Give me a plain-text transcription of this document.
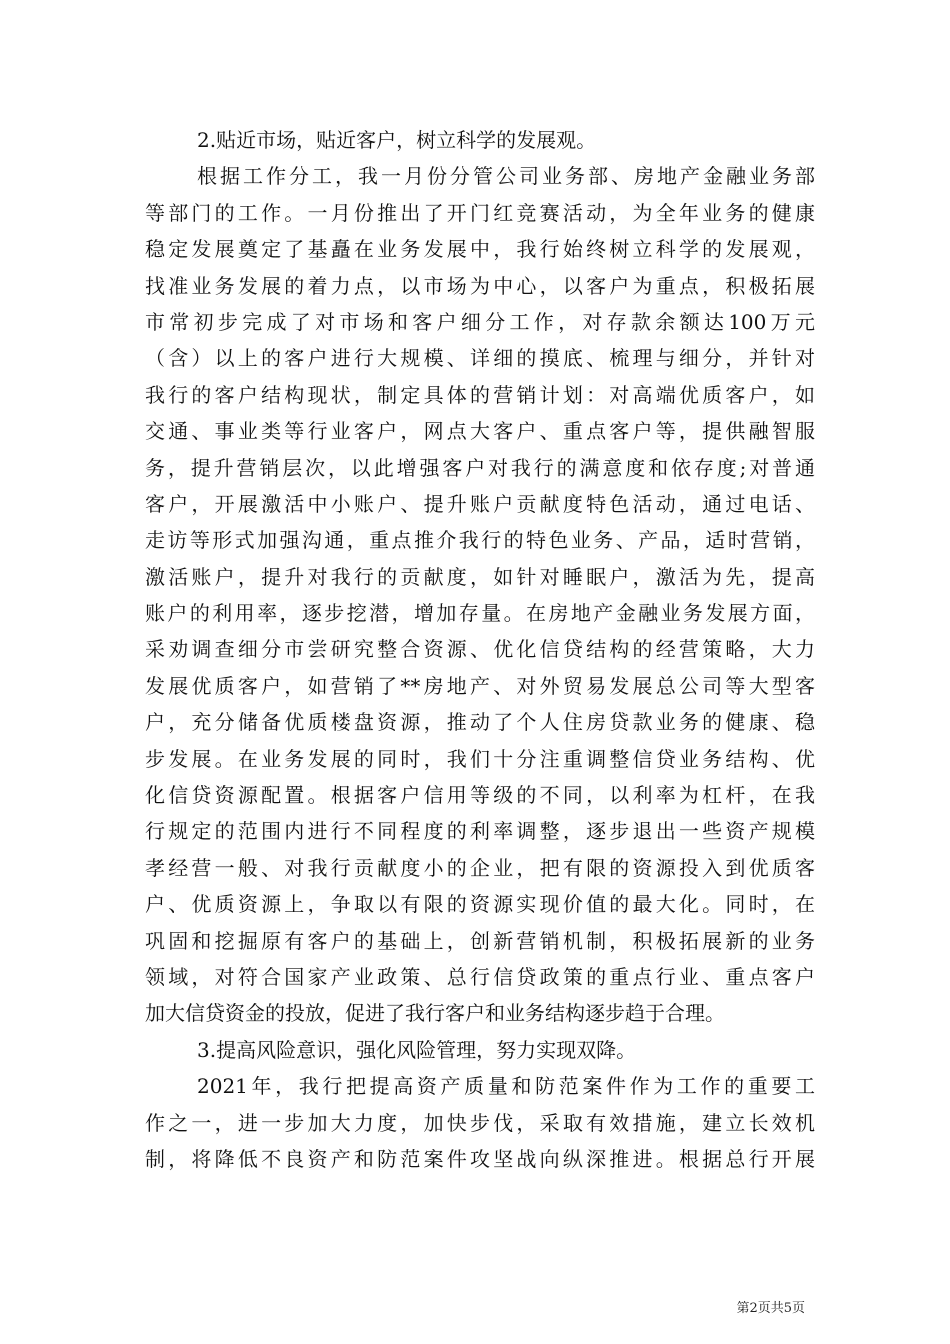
2.贴近市场，贴近客户，树立科学的发展观。
根据工作分工，我一月份分管公司业务部、房地产金融业务部
等部门的工作。一月份推出了开门红竞赛活动，为全年业务的健康
稳定发展奠定了基矗在业务发展中，我行始终树立科学的发展观，
找准业务发展的着力点，以市场为中心，以客户为重点，积极拓展
市常初步完成了对市场和客户细分工作，对存款余额达100万元
（含）以上的客户进行大规模、详细的摸底、梳理与细分，并针对
我行的客户结构现状，制定具体的营销计划：对高端优质客户，如
交通、事业类等行业客户，网点大客户、重点客户等，提供融智服
务，提升营销层次，以此增强客户对我行的满意度和依存度;对普通
客户，开展激活中小账户、提升账户贡献度特色活动，通过电话、
走访等形式加强沟通，重点推介我行的特色业务、产品，适时营销，
激活账户，提升对我行的贡献度，如针对睡眠户，激活为先，提高
账户的利用率，逐步挖潜，增加存量。在房地产金融业务发展方面，
采劝调查细分市尝研究整合资源、优化信贷结构的经营策略，大力
发展优质客户，如营销了**房地产、对外贸易发展总公司等大型客
户，充分储备优质楼盘资源，推动了个人住房贷款业务的健康、稳
步发展。在业务发展的同时，我们十分注重调整信贷业务结构、优
化信贷资源配置。根据客户信用等级的不同，以利率为杠杆，在我
行规定的范围内进行不同程度的利率调整，逐步退出一些资产规模
孝经营一般、对我行贡献度小的企业，把有限的资源投入到优质客
户、优质资源上，争取以有限的资源实现价值的最大化。同时，在
巩固和挖掘原有客户的基础上，创新营销机制，积极拓展新的业务
领域，对符合国家产业政策、总行信贷政策的重点行业、重点客户
加大信贷资金的投放，促进了我行客户和业务结构逐步趋于合理。
3.提高风险意识，强化风险管理，努力实现双降。
2021年，我行把提高资产质量和防范案件作为工作的重要工
作之一，进一步加大力度，加快步伐，采取有效措施，建立长效机
制，将降低不良资产和防范案件攻坚战向纵深推进。根据总行开展
第2页共5页
